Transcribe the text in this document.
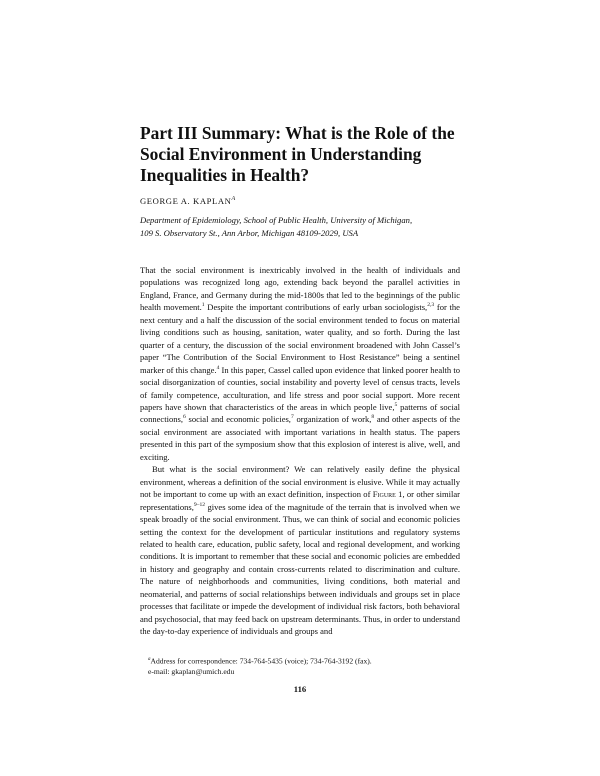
Part III Summary: What is the Role of the Social Environment in Understanding Inequalities in Health?
GEORGE A. $KAPLAN^A$
Department of Epidemiology, School of Public Health, University of Michigan,
109 S. Observatory St., Ann Arbor, Michigan 48109-2029, USA

That the social environment is inextricably involved in the health of individuals and populations was recognized long ago, extending back beyond the parallel activities in England, France, and Germany during the mid-1800s that led to the beginnings of the public health movement.$^1$ Despite the important contributions of early urban sociologists,$^{2,3}$ for the next century and a half the discussion of the social environment tended to focus on material living conditions such as housing, sanitation, water quality, and so forth. During the last quarter of a century, the discussion of the social environment broadened with John Cassel’s paper “The Contribution of the Social Environment to Host Resistance” being a sentinel marker of this change.$^4$ In this paper, Cassel called upon evidence that linked poorer health to social disorganization of counties, social instability and poverty level of census tracts, levels of family competence, acculturation, and life stress and poor social support. More recent papers have shown that characteristics of the areas in which people live,$^5$ patterns of social connections,$^6$ social and economic policies,$^7$ organization of work,$^8$ and other aspects of the social environment are associated with important variations in health status. The papers presented in this part of the symposium show that this explosion of interest is alive, well, and exciting.

But what is the social environment? We can relatively easily define the physical environment, whereas a definition of the social environment is elusive. While it may actually not be important to come up with an exact definition, inspection of Figure 1, or other similar representations,$^{9-12}$ gives some idea of the magnitude of the terrain that is involved when we speak broadly of the social environment. Thus, we can think of social and economic policies setting the context for the development of particular institutions and regulatory systems related to health care, education, public safety, local and regional development, and working conditions. It is important to remember that these social and economic policies are embedded in history and geography and contain cross-currents related to discrimination and culture. The nature of neighborhoods and communities, living conditions, both material and neomaterial, and patterns of social relationships between individuals and groups set in place processes that facilitate or impede the development of individual risk factors, both behavioral and psychosocial, that may feed back on upstream determinants. Thus, in order to understand the day-to-day experience of individuals and groups and

$^a$Address for correspondence: 734-764-5435 (voice); 734-764-3192 (fax).
e-mail: gkaplan@umich.edu
116
